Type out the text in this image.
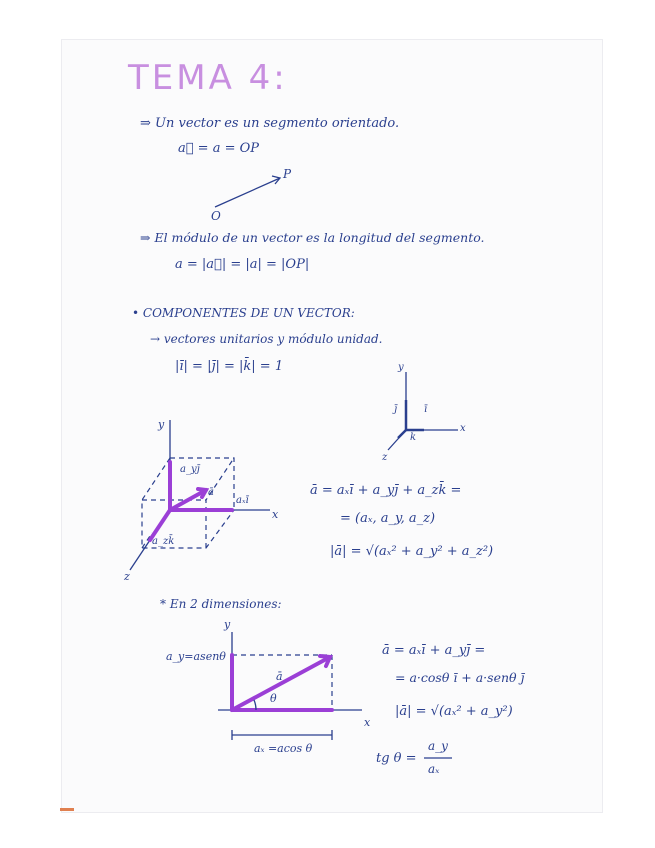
TEMA 4:
⇒ Un vector es un segmento orientado.
a⃗ = a = OP
⇒ El módulo de un vector es la longitud del segmento.
a = |a⃗| = |a| = |OP|
• COMPONENTES DE UN VECTOR:
→ vectores unitarios y módulo unidad.
|ī| = |j̄| = |k̄| = 1
ā = aₓī + a_yj̄ + a_zk̄ =
= (aₓ, a_y, a_z)
|ā| = √(aₓ² + a_y² + a_z²)
* En 2 dimensiones:
ā = aₓī + a_yj̄ =
= a·cosθ ī + a·senθ j̄
|ā| = √(aₓ² + a_y²)
tg θ =
a_y
aₓ
P
O
y
x
z
j̄	ī
k̄
y
x
z
a_yj̄
aₓī
a_zk̄
ā
y
x
a_y=asenθ
aₓ =acos θ
ā
θ
